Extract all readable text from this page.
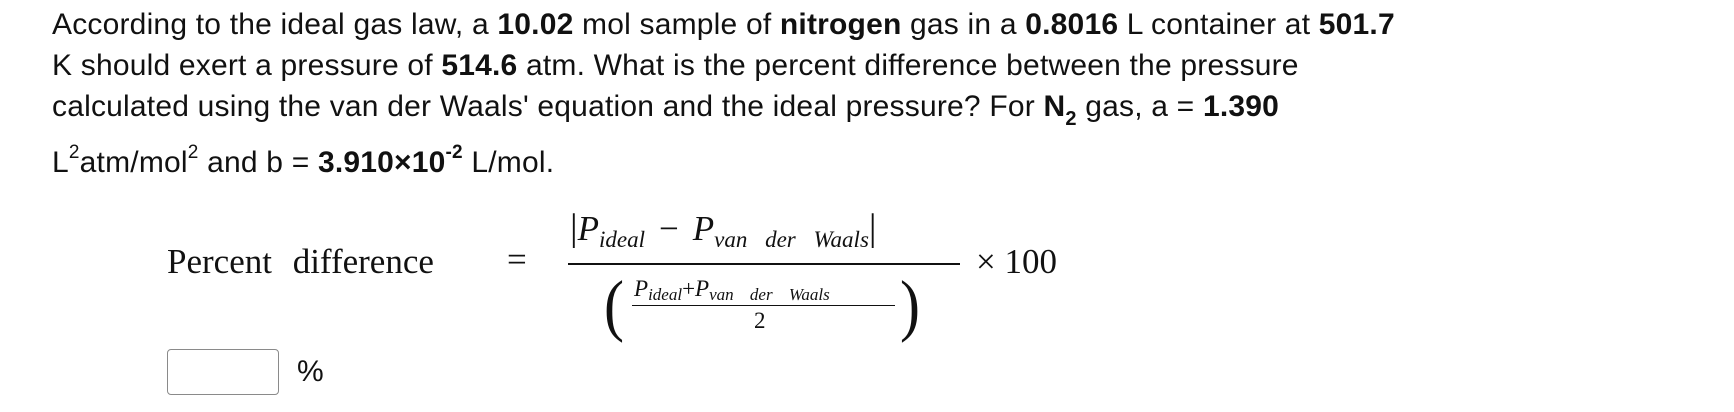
According to the ideal gas law, a 10.02 mol sample of nitrogen gas in a 0.8016 L container at 501.7
K should exert a pressure of 514.6 atm. What is the percent difference between the pressure
calculated using the van der Waals' equation and the ideal pressure? For $N_2$ gas, a = 1.390
$L^2atm/mol^2$ and $b = 3.910\times 10^{-2}$ L/mol.
Percent difference =
$|P_{ideal} - P_{van der Waals}|$
× 100
( Pideal+Pvan der Waals
2 )
%
